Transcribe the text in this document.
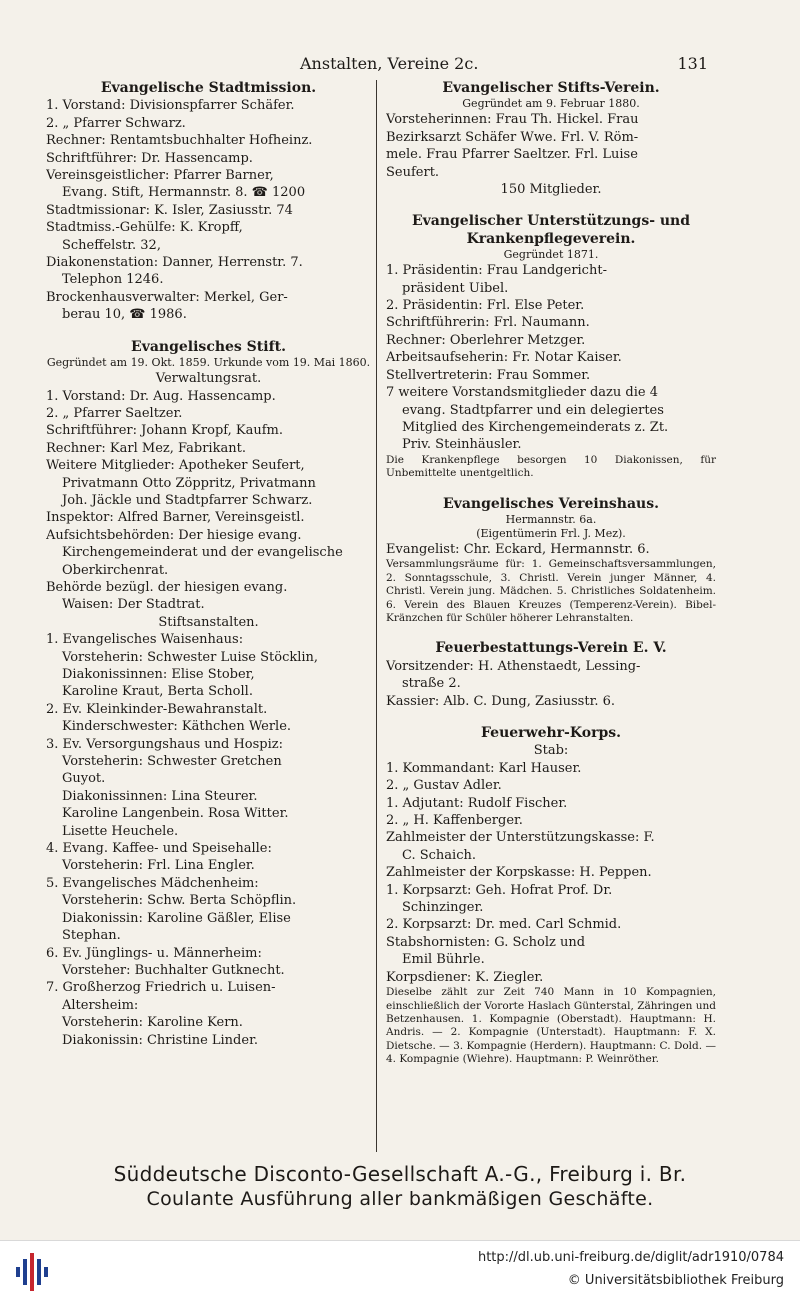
Anstalten, Vereine 2c.	131

Evangelische Stadtmission.

1. Vorstand: Divisionspfarrer Schäfer.
2. „ Pfarrer Schwarz.
Rechner: Rentamtsbuchhalter Hofheinz.
Schriftführer: Dr. Hassencamp.
Vereinsgeistlicher: Pfarrer Barner,
Evang. Stift, Hermannstr. 8. ☎ 1200
Stadtmissionar: K. Isler, Zasiusstr. 74
Stadtmiss.-Gehülfe: K. Kropff,
Scheffelstr. 32,
Diakonenstation: Danner, Herrenstr. 7.
Telephon 1246.
Brockenhausverwalter: Merkel, Ger-
berau 10, ☎ 1986.

Evangelisches Stift.

Gegründet am 19. Okt. 1859. Urkunde vom 19. Mai 1860.
Verwaltungsrat.
1. Vorstand: Dr. Aug. Hassencamp.
2. „ Pfarrer Saeltzer.
Schriftführer: Johann Kropf, Kaufm.
Rechner: Karl Mez, Fabrikant.
Weitere Mitglieder: Apotheker Seufert,
Privatmann Otto Zöppritz, Privatmann
Joh. Jäckle und Stadtpfarrer Schwarz.
Inspektor: Alfred Barner, Vereinsgeistl.
Aufsichtsbehörden: Der hiesige evang.
Kirchengemeinderat und der evangelische
Oberkirchenrat.
Behörde bezügl. der hiesigen evang.
Waisen: Der Stadtrat.
Stiftsanstalten.
1. Evangelisches Waisenhaus:
Vorsteherin: Schwester Luise Stöcklin,
Diakonissinnen: Elise Stober,
Karoline Kraut, Berta Scholl.
2. Ev. Kleinkinder-Bewahranstalt.
Kinderschwester: Käthchen Werle.
3. Ev. Versorgungshaus und Hospiz:
Vorsteherin: Schwester Gretchen
Guyot.
Diakonissinnen: Lina Steurer.
Karoline Langenbein. Rosa Witter.
Lisette Heuchele.
4. Evang. Kaffee- und Speisehalle:
Vorsteherin: Frl. Lina Engler.
5. Evangelisches Mädchenheim:
Vorsteherin: Schw. Berta Schöpflin.
Diakonissin: Karoline Gäßler, Elise
Stephan.
6. Ev. Jünglings- u. Männerheim:
Vorsteher: Buchhalter Gutknecht.
7. Großherzog Friedrich u. Luisen-
Altersheim:
Vorsteherin: Karoline Kern.
Diakonissin: Christine Linder.

Evangelischer Stifts-Verein.

Gegründet am 9. Februar 1880.
Vorsteherinnen: Frau Th. Hickel. Frau
Bezirksarzt Schäfer Wwe. Frl. V. Röm-
mele. Frau Pfarrer Saeltzer. Frl. Luise
Seufert.
150 Mitglieder.

Evangelischer Unterstützungs- und

Krankenpflegeverein.

Gegründet 1871.
1. Präsidentin: Frau Landgericht-
präsident Uibel.
2. Präsidentin: Frl. Else Peter.
Schriftführerin: Frl. Naumann.
Rechner: Oberlehrer Metzger.
Arbeitsaufseherin: Fr. Notar Kaiser.
Stellvertreterin: Frau Sommer.
7 weitere Vorstandsmitglieder dazu die 4
evang. Stadtpfarrer und ein delegiertes
Mitglied des Kirchengemeinderats z. Zt.
Priv. Steinhäusler.
Die Krankenpflege besorgen 10 Diakonissen, für Unbemittelte unentgeltlich.

Evangelisches Vereinshaus.

Hermannstr. 6a.
(Eigentümerin Frl. J. Mez).
Evangelist: Chr. Eckard, Hermannstr. 6.
Versammlungsräume für: 1. Gemeinschaftsversammlungen, 2. Sonntagsschule, 3. Christl. Verein junger Männer, 4. Christl. Verein jung. Mädchen. 5. Christliches Soldatenheim. 6. Verein des Blauen Kreuzes (Temperenz-Verein). Bibel-Kränzchen für Schüler höherer Lehranstalten.

Feuerbestattungs-Verein E. V.

Vorsitzender: H. Athenstaedt, Lessing-
straße 2.
Kassier: Alb. C. Dung, Zasiusstr. 6.

Feuerwehr-Korps.

Stab:
1. Kommandant: Karl Hauser.
2. „ Gustav Adler.
1. Adjutant: Rudolf Fischer.
2. „ H. Kaffenberger.
Zahlmeister der Unterstützungskasse: F.
C. Schaich.
Zahlmeister der Korpskasse: H. Peppen.
1. Korpsarzt: Geh. Hofrat Prof. Dr.
Schinzinger.
2. Korpsarzt: Dr. med. Carl Schmid.
Stabshornisten: G. Scholz und
Emil Bührle.
Korpsdiener: K. Ziegler.
Dieselbe zählt zur Zeit 740 Mann in 10 Kompagnien, einschließlich der Vororte Haslach Günterstal, Zähringen und Betzenhausen. 1. Kompagnie (Oberstadt). Hauptmann: H. Andris. — 2. Kompagnie (Unterstadt). Hauptmann: F. X. Dietsche. — 3. Kompagnie (Herdern). Hauptmann: C. Dold. — 4. Kompagnie (Wiehre). Hauptmann: P. Weinröther.
Süddeutsche Disconto-Gesellschaft A.-G., Freiburg i. Br.
Coulante Ausführung aller bankmäßigen Geschäfte.
http://dl.ub.uni-freiburg.de/diglit/adr1910/0784
© Universitätsbibliothek Freiburg
